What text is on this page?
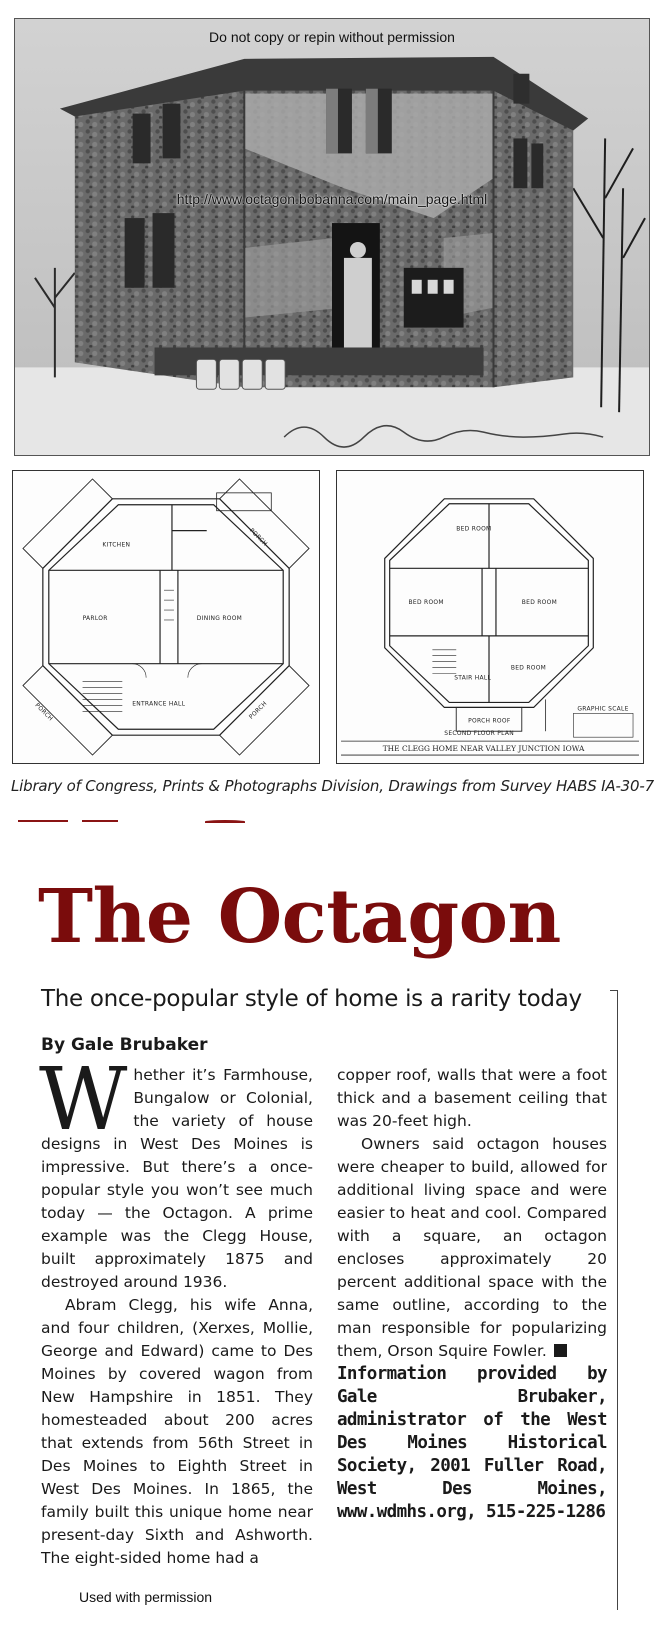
Do not copy or repin without permission
http://www.octagon.bobanna.com/main_page.html
KITCHEN
PARLOR	DINING ROOM
ENTRANCE HALL
PORCH
PORCH	PORCH
BED ROOM
BED ROOM	BED ROOM
BED ROOM
STAIR HALL
PORCH ROOF
SECOND FLOOR PLAN
GRAPHIC SCALE
THE CLEGG HOME NEAR VALLEY JUNCTION IOWA
Library of Congress, Prints & Photographs Division, Drawings from Survey HABS IA-30-7
The Octagon
The once-popular style of home is a rarity today
By Gale Brubaker

Whether it’s Farmhouse, Bungalow or Colonial, the variety of house designs in West Des Moines is impressive. But there’s a once-popular style you won’t see much today — the Octagon. A prime example was the Clegg House, built approximately 1875 and destroyed around 1936.

Abram Clegg, his wife Anna, and four children, (Xerxes, Mollie, George and Edward) came to Des Moines by covered wagon from New Hampshire in 1851. They homesteaded about 200 acres that extends from 56th Street in Des Moines to Eighth Street in West Des Moines. In 1865, the family built this unique home near present-day Sixth and Ashworth. The eight-sided home had a

copper roof, walls that were a foot thick and a basement ceiling that was 20-feet high.

Owners said octagon houses were cheaper to build, allowed for additional living space and were easier to heat and cool. Compared with a square, an octagon encloses approximately 20 percent additional space with the same outline, according to the man responsible for popularizing them, Orson Squire Fowler.

Information provided by Gale Brubaker, administrator of the West Des Moines Historical Society, 2001 Fuller Road, West Des Moines, www.wdmhs.org, 515-225-1286

Used with permission
